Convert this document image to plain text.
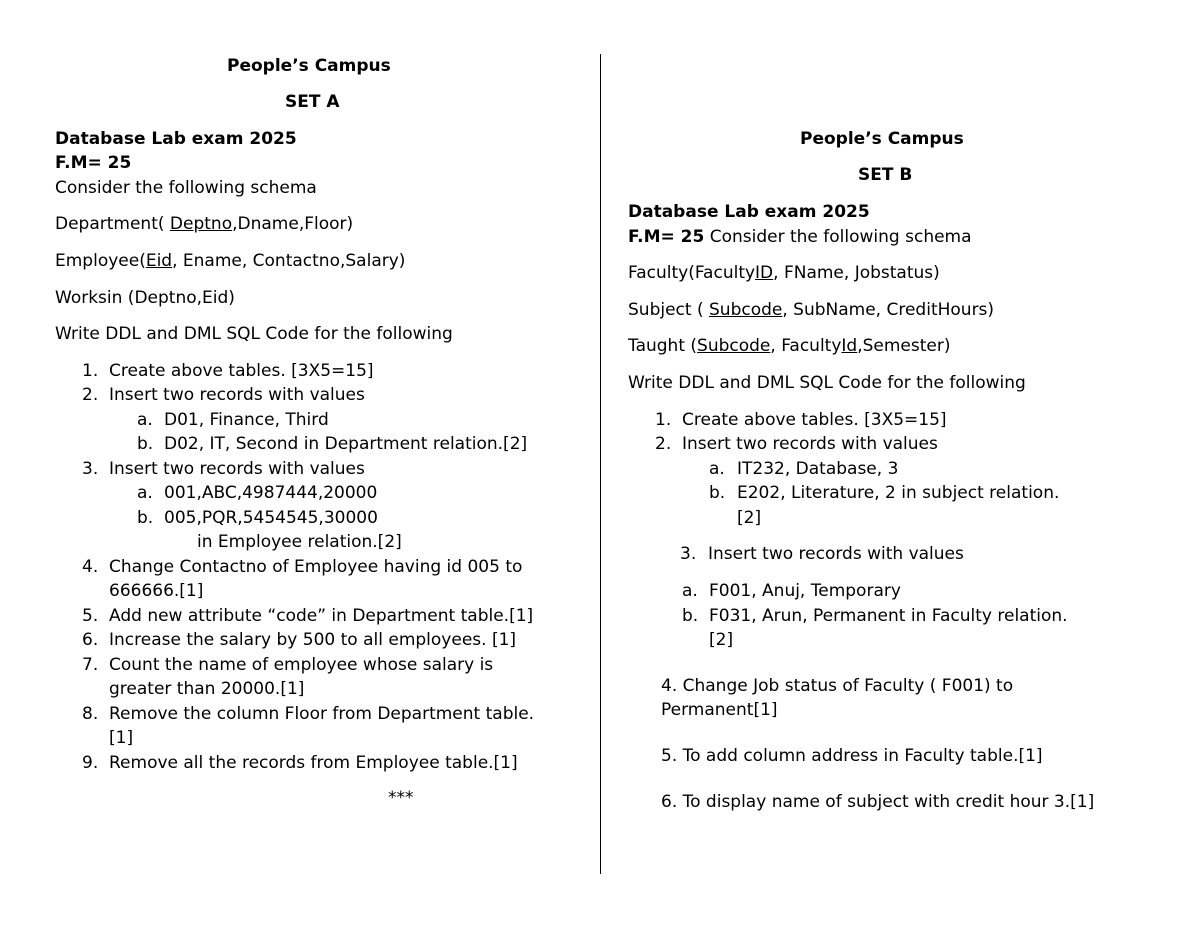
People’s Campus
SET A
Database Lab exam 2025
F.M= 25
Consider the following schema
Department( Deptno,Dname,Floor)
Employee(Eid, Ename, Contactno,Salary)
Worksin (Deptno,Eid)
Write DDL and DML SQL Code for the following
1. Create above tables. [3X5=15]
2. Insert two records with values
a. D01, Finance, Third
b. D02, IT, Second in Department relation.[2]
3. Insert two records with values
a. 001,ABC,4987444,20000
b. 005,PQR,5454545,30000
in Employee relation.[2]
4. Change Contactno of Employee having id 005 to
666666.[1]
5. Add new attribute “code” in Department table.[1]
6. Increase the salary by 500 to all employees. [1]
7. Count the name of employee whose salary is
greater than 20000.[1]
8. Remove the column Floor from Department table.
[1]
9. Remove all the records from Employee table.[1]
***
People’s Campus
SET B
Database Lab exam 2025
F.M= 25 Consider the following schema
Faculty(FacultyID, FName, Jobstatus)
Subject ( Subcode, SubName, CreditHours)
Taught (Subcode, FacultyId,Semester)
Write DDL and DML SQL Code for the following
1. Create above tables. [3X5=15]
2. Insert two records with values
a. IT232, Database, 3
b. E202, Literature, 2 in subject relation.
[2]
3. Insert two records with values
a. F001, Anuj, Temporary
b. F031, Arun, Permanent in Faculty relation.
[2]
4. Change Job status of Faculty ( F001) to
Permanent[1]
5. To add column address in Faculty table.[1]
6. To display name of subject with credit hour 3.[1]
